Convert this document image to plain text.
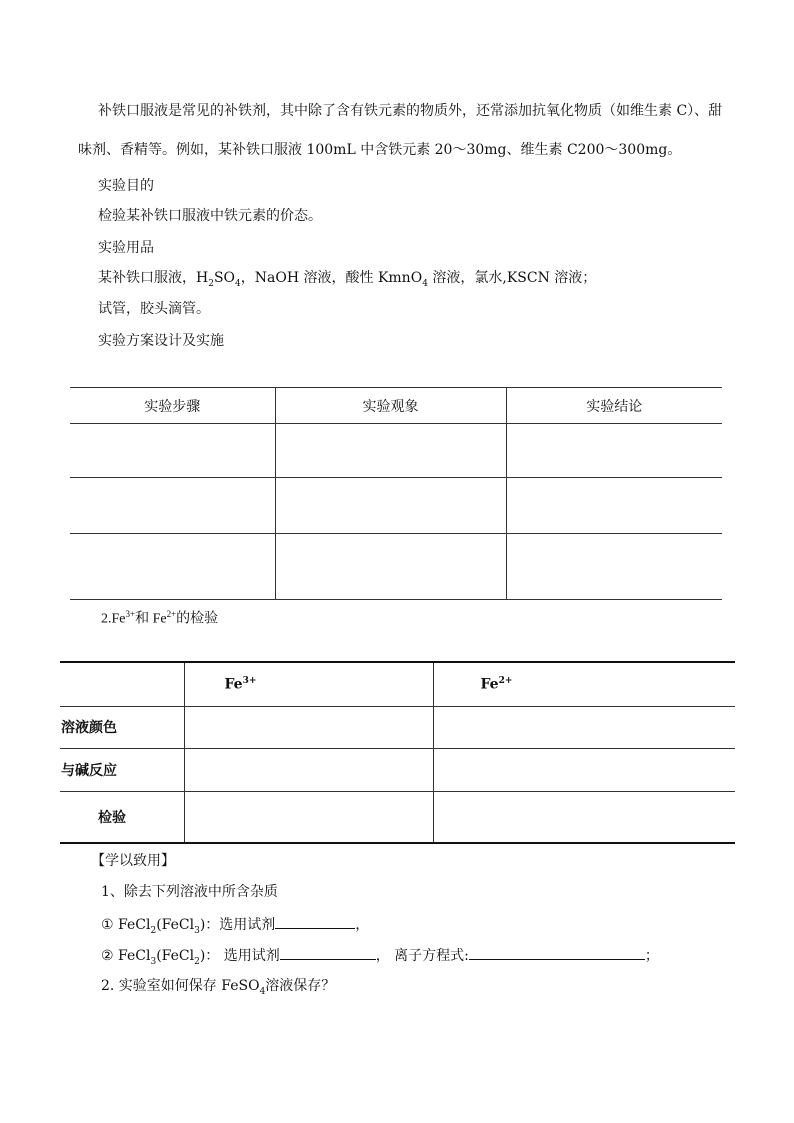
补铁口服液是常见的补铁剂，其中除了含有铁元素的物质外，还常添加抗氧化物质（如维生素 C）、甜
味剂、香精等。例如，某补铁口服液 100mL 中含铁元素 20～30mg、维生素 C200～300mg。
实验目的
检验某补铁口服液中铁元素的价态。
实验用品
某补铁口服液，$H_2SO_4$，NaOH 溶液，酸性 KmnO$_4$ 溶液，氯水,KSCN 溶液；
试管，胶头滴管。
实验方案设计及实施
实验步骤	实验观象	实验结论

$2.Fe^{3+}$和 $Fe^{2+}$的检验
	$Fe^{3+}$	$Fe^{2+}$
溶液颜色		
与碱反应		
检验		
【学以致用】
1、除去下列溶液中所含杂质
① FeCl$_2$(FeCl$_3$)：选用试剂	，
② FeCl$_3$(FeCl$_2$)： 选用试剂	， 离子方程式:	；
2. 实验室如何保存 FeSO$_4$溶液保存？
